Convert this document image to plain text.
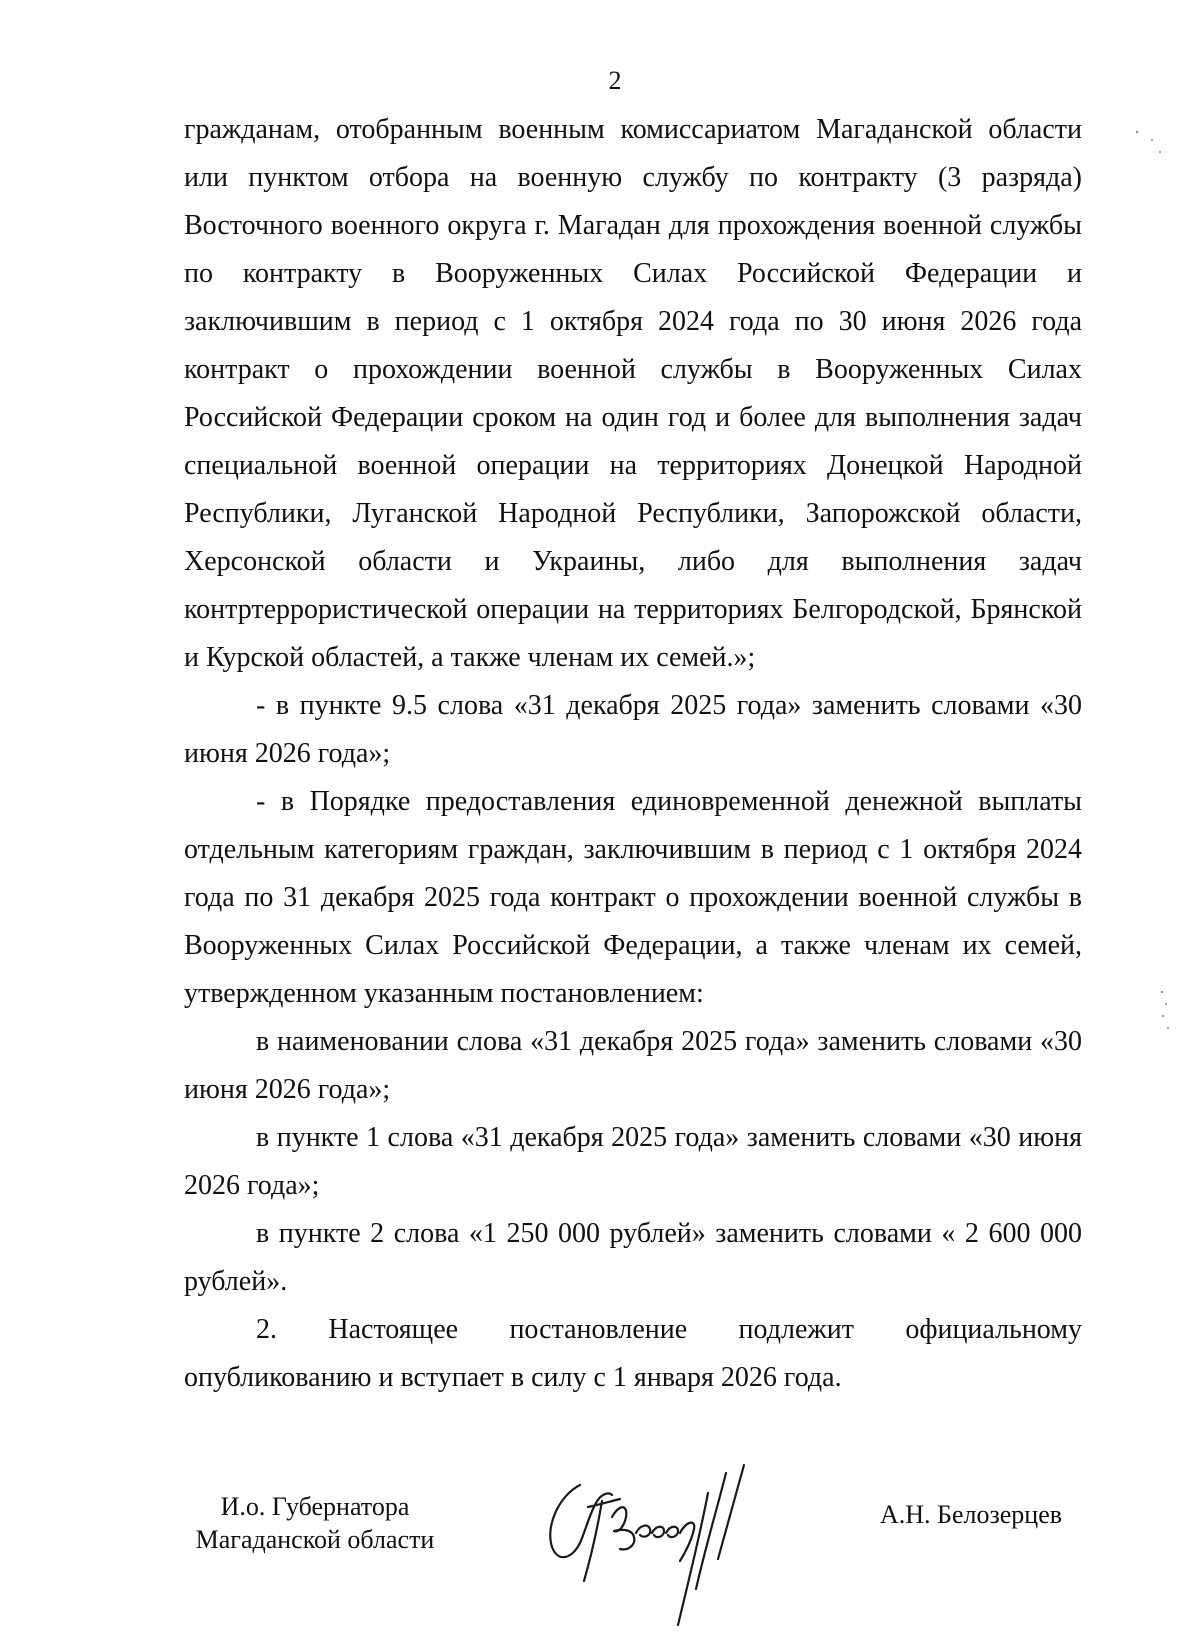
2

гражданам, отобранным военным комиссариатом Магаданской области или пунктом отбора на военную службу по контракту (3 разряда) Восточного военного округа г. Магадан для прохождения военной службы по контракту в Вооруженных Силах Российской Федерации и заключившим в период с 1 октября 2024 года по 30 июня 2026 года контракт о прохождении военной службы в Вооруженных Силах Российской Федерации сроком на один год и более для выполнения задач специальной военной операции на территориях Донецкой Народной Республики, Луганской Народной Республики, Запорожской области, Херсонской области и Украины, либо для выполнения задач контртеррористической операции на территориях Белгородской, Брянской и Курской областей, а также членам их семей.»;

- в пункте 9.5 слова «31 декабря 2025 года» заменить словами «30 июня 2026 года»;

- в Порядке предоставления единовременной денежной выплаты отдельным категориям граждан, заключившим в период с 1 октября 2024 года по 31 декабря 2025 года контракт о прохождении военной службы в Вооруженных Силах Российской Федерации, а также членам их семей, утвержденном указанным постановлением:

в наименовании слова «31 декабря 2025 года» заменить словами «30 июня 2026 года»;

в пункте 1 слова «31 декабря 2025 года» заменить словами «30 июня 2026 года»;

в пункте 2 слова «1 250 000 рублей» заменить словами « 2 600 000 рублей».

2. Настоящее постановление подлежит официальному опубликованию и вступает в силу с 1 января 2026 года.

И.о. Губернатора
Магаданской области
А.Н. Белозерцев
